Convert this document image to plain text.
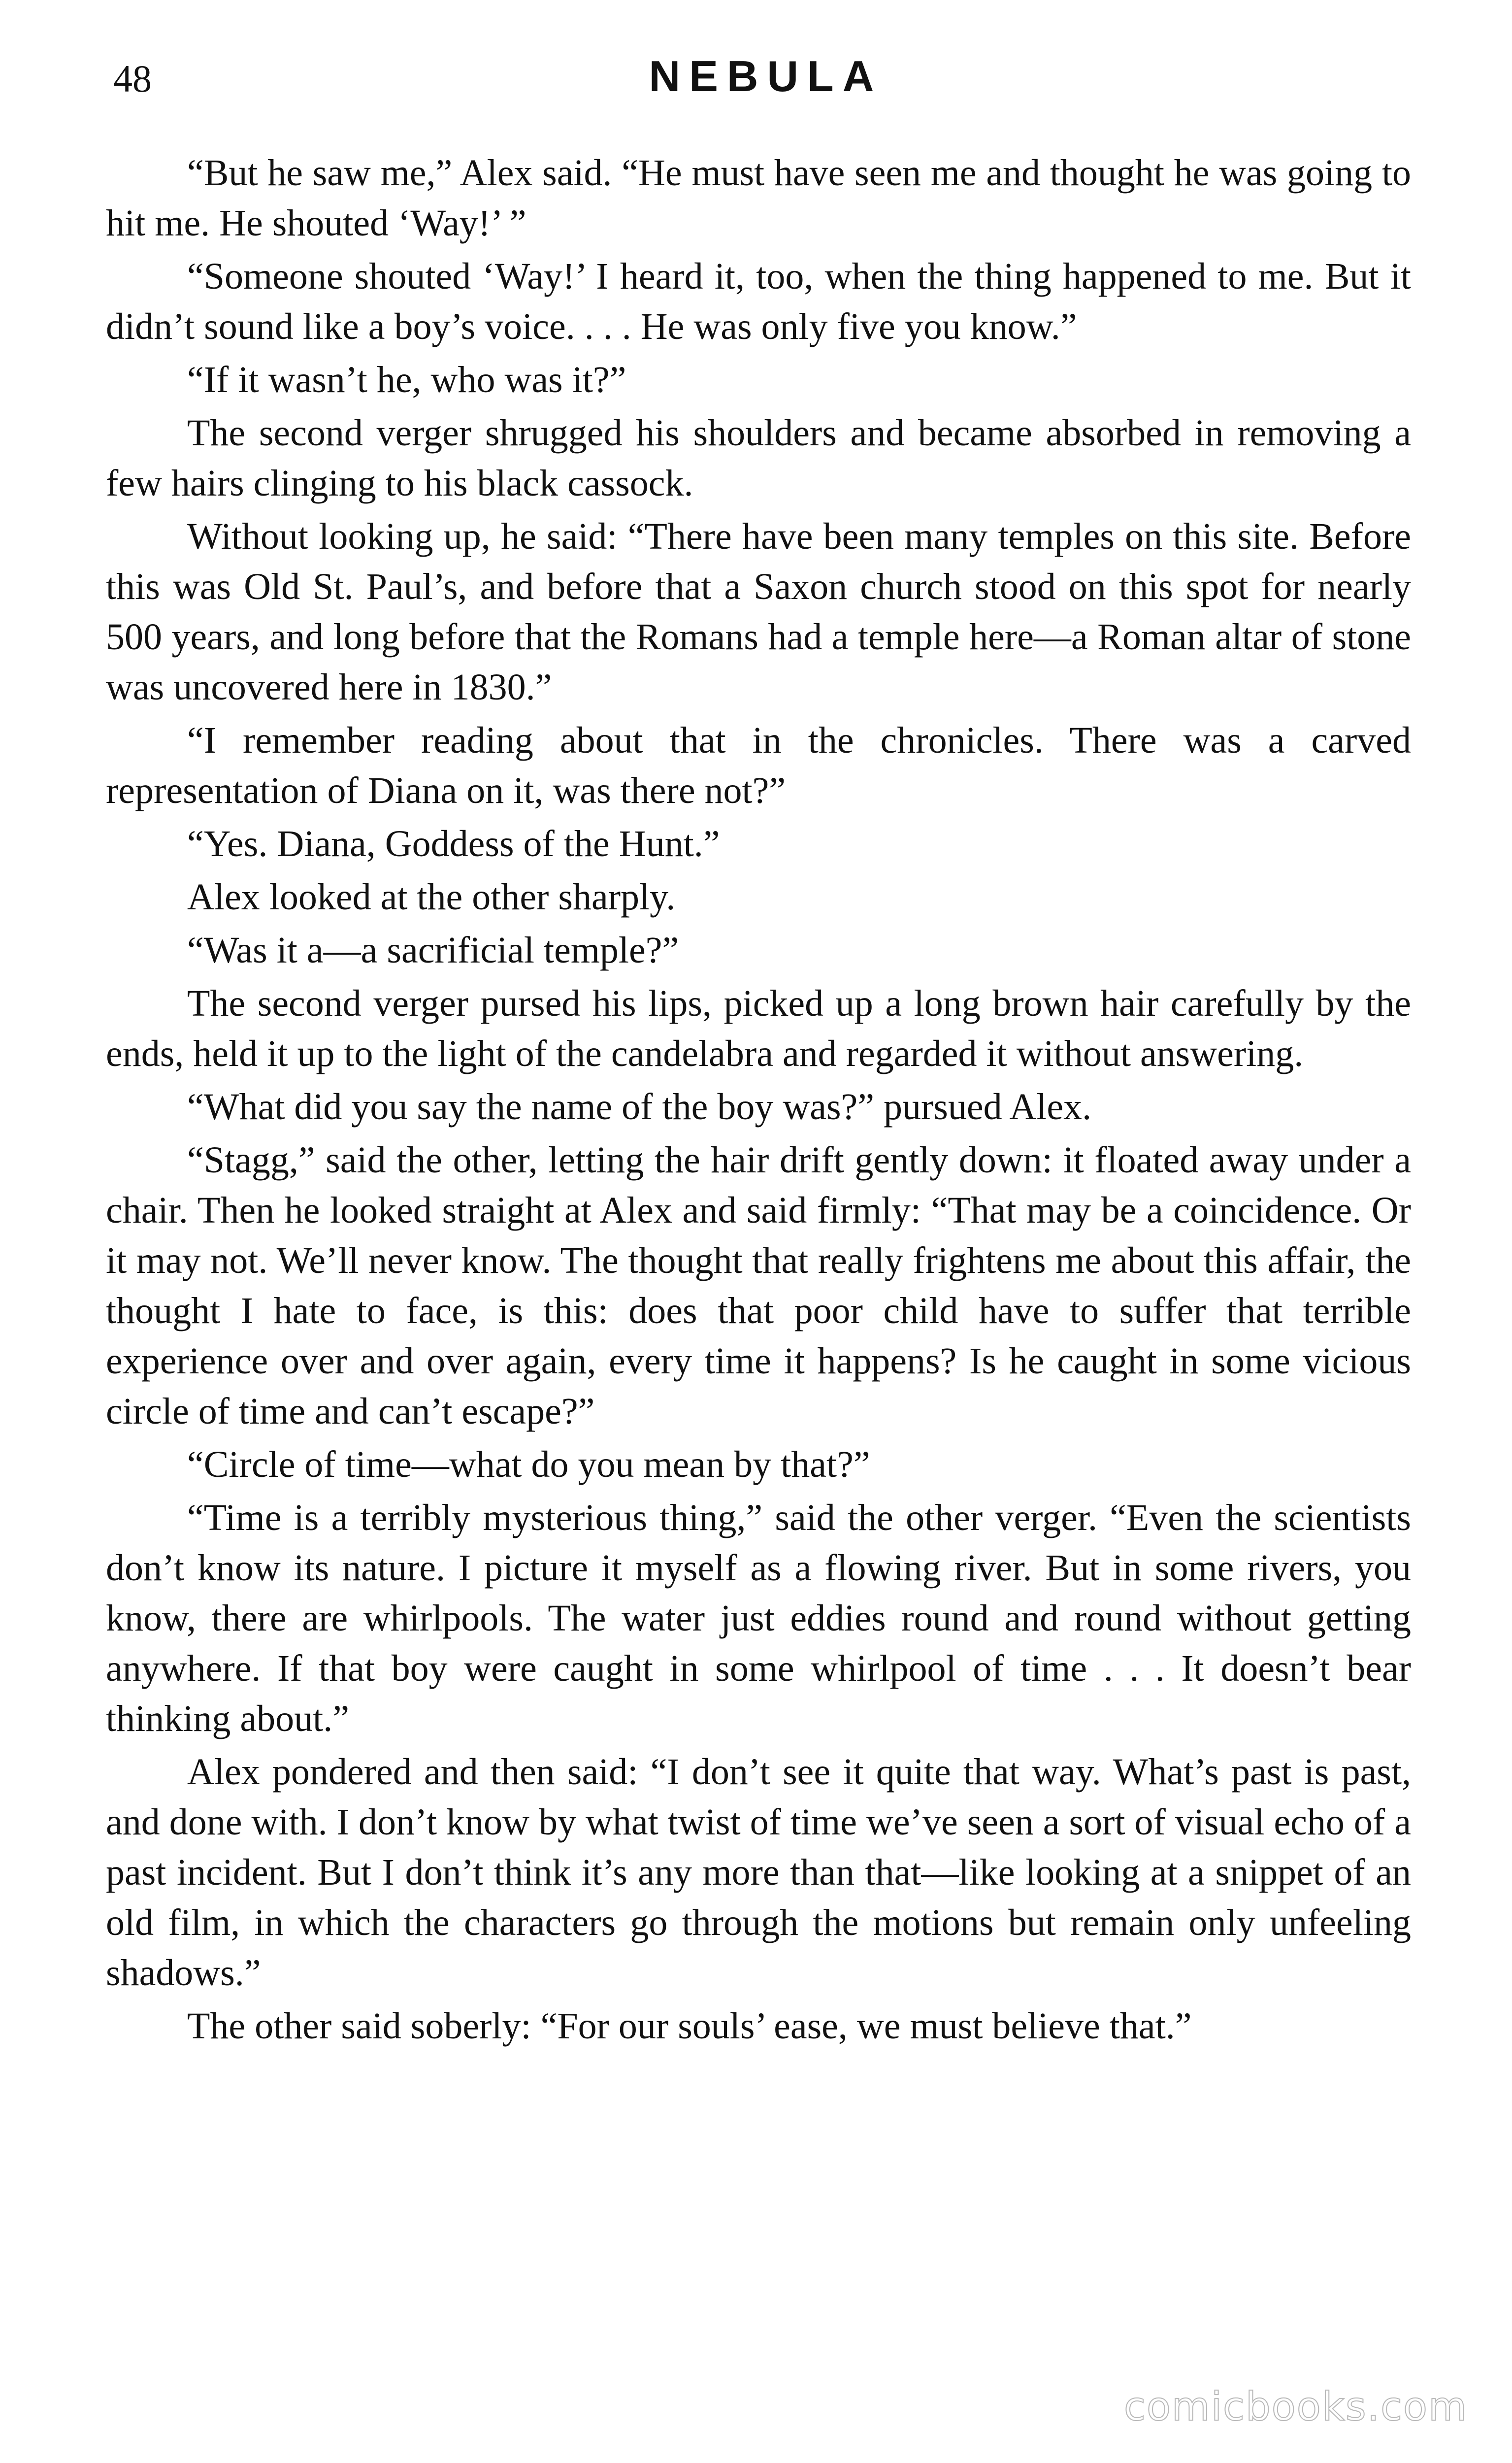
48	NEBULA

“But he saw me,” Alex said. “He must have seen me and thought he was going to hit me. He shouted ‘Way!’ ”

“Someone shouted ‘Way!’ I heard it, too, when the thing happened to me. But it didn’t sound like a boy’s voice. . . . He was only five you know.”

“If it wasn’t he, who was it?”

The second verger shrugged his shoulders and became absorbed in removing a few hairs clinging to his black cassock.

Without looking up, he said: “There have been many temples on this site. Before this was Old St. Paul’s, and before that a Saxon church stood on this spot for nearly 500 years, and long before that the Romans had a temple here—a Roman altar of stone was uncovered here in 1830.”

“I remember reading about that in the chronicles. There was a carved representation of Diana on it, was there not?”

“Yes. Diana, Goddess of the Hunt.”

Alex looked at the other sharply.

“Was it a—a sacrificial temple?”

The second verger pursed his lips, picked up a long brown hair carefully by the ends, held it up to the light of the candelabra and regarded it without answering.

“What did you say the name of the boy was?” pursued Alex.

“Stagg,” said the other, letting the hair drift gently down: it floated away under a chair. Then he looked straight at Alex and said firmly: “That may be a coincidence. Or it may not. We’ll never know. The thought that really frightens me about this affair, the thought I hate to face, is this: does that poor child have to suffer that terrible experience over and over again, every time it happens? Is he caught in some vicious circle of time and can’t escape?”

“Circle of time—what do you mean by that?”

“Time is a terribly mysterious thing,” said the other verger. “Even the scientists don’t know its nature. I picture it myself as a flowing river. But in some rivers, you know, there are whirlpools. The water just eddies round and round without getting anywhere. If that boy were caught in some whirlpool of time . . . It doesn’t bear thinking about.”

Alex pondered and then said: “I don’t see it quite that way. What’s past is past, and done with. I don’t know by what twist of time we’ve seen a sort of visual echo of a past incident. But I don’t think it’s any more than that—like looking at a snippet of an old film, in which the characters go through the motions but remain only unfeeling shadows.”

The other said soberly: “For our souls’ ease, we must believe that.”

comicbooks.com
